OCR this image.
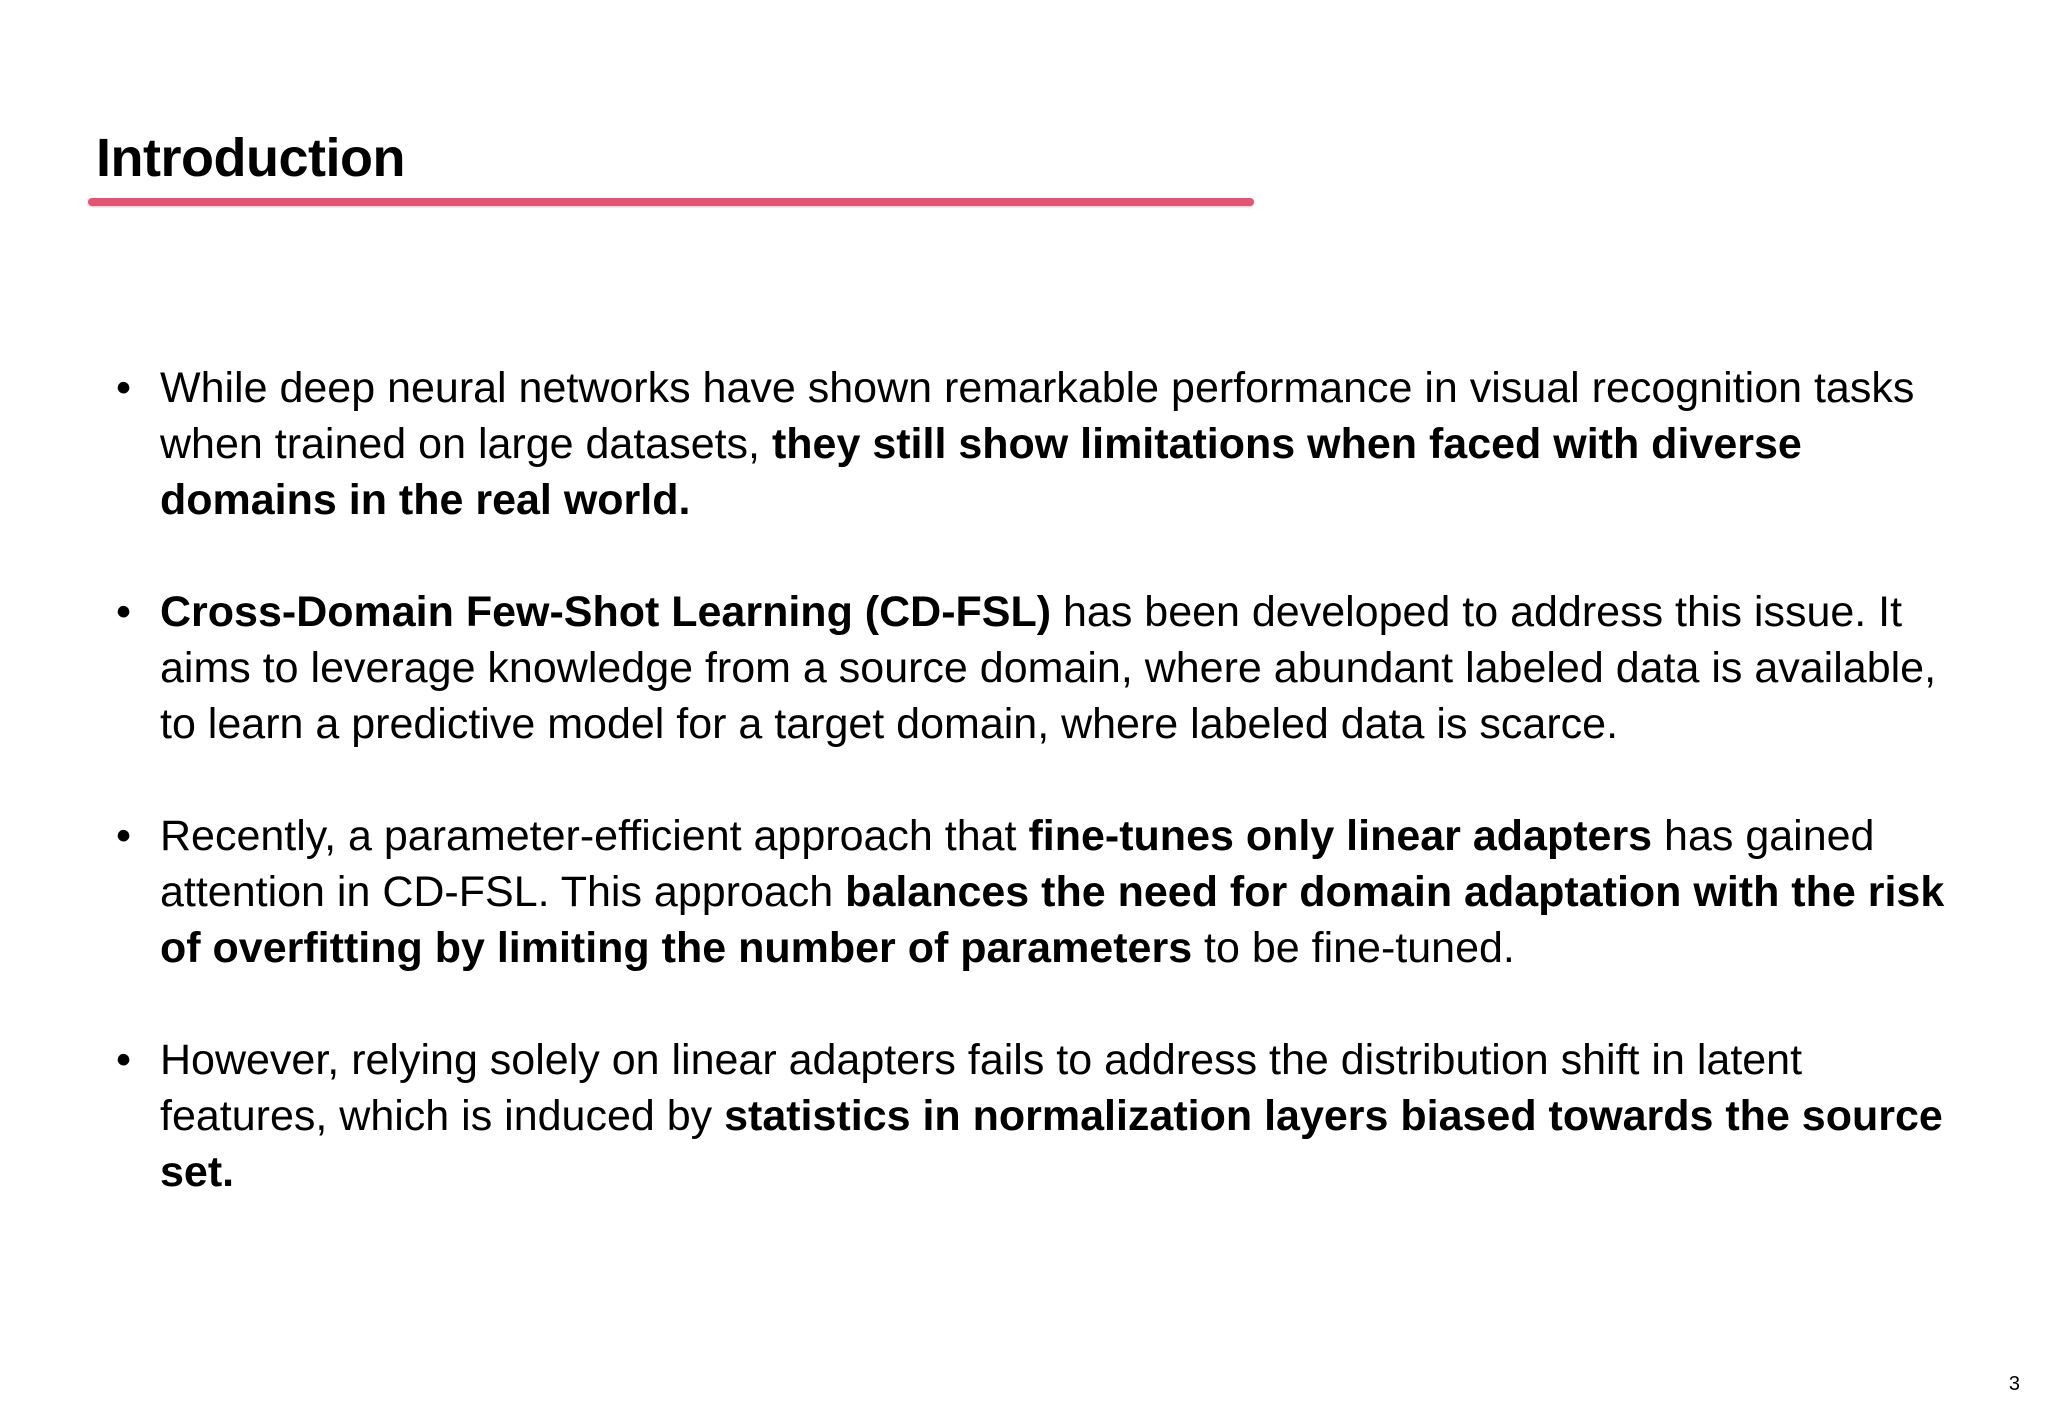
Introduction
• While deep neural networks have shown remarkable performance in visual recognition tasks when trained on large datasets, they still show limitations when faced with diverse domains in the real world.
• Cross-Domain Few-Shot Learning (CD-FSL) has been developed to address this issue. It aims to leverage knowledge from a source domain, where abundant labeled data is available, to learn a predictive model for a target domain, where labeled data is scarce.
• Recently, a parameter-efficient approach that fine-tunes only linear adapters has gained attention in CD-FSL. This approach balances the need for domain adaptation with the risk of overfitting by limiting the number of parameters to be fine-tuned.
• However, relying solely on linear adapters fails to address the distribution shift in latent features, which is induced by statistics in normalization layers biased towards the source set.
3
